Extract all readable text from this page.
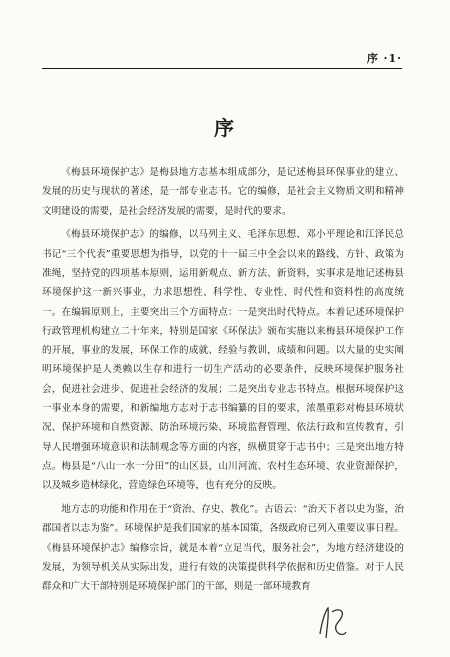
序 ·1·
序

《梅县环境保护志》是梅县地方志基本组成部分，是记述梅县环保事业的建立、发展的历史与现状的著述，是一部专业志书。它的编修，是社会主义物质文明和精神文明建设的需要，是社会经济发展的需要，是时代的要求。

《梅县环境保护志》的编修，以马列主义、毛泽东思想、邓小平理论和江泽民总书记“三个代表”重要思想为指导，以党的十一届三中全会以来的路线、方针、政策为准绳，坚持党的四项基本原则，运用新观点、新方法、新资料，实事求是地记述梅县环境保护这一新兴事业，力求思想性、科学性、专业性、时代性和资料性的高度统一。在编辑原则上，主要突出三个方面特点：一是突出时代特点。本着记述环境保护行政管理机构建立二十年来，特别是国家《环保法》颁布实施以来梅县环境保护工作的开展，事业的发展，环保工作的成就、经验与教训，成绩和问题。以大量的史实阐明环境保护是人类赖以生存和进行一切生产活动的必要条件，反映环境保护服务社会，促进社会进步、促进社会经济的发展；二是突出专业志书特点。根据环境保护这一事业本身的需要，和新编地方志对于志书编纂的目的要求，浓墨重彩对梅县环境状况、保护环境和自然资源、防治环境污染、环境监督管理、依法行政和宣传教育，引导人民增强环境意识和法制观念等方面的内容，纵横贯穿于志书中；三是突出地方特点。梅县是“八山一水一分田”的山区县，山川河流、农村生态环境、农业资源保护，以及城乡造林绿化，营造绿色环境等，也有充分的反映。

地方志的功能和作用在于“资治、存史、教化”。古语云：“治天下者以史为鉴，治郡国者以志为鉴”。环境保护是我们国家的基本国策，各级政府已列入重要议事日程。《梅县环境保护志》编修宗旨，就是本着“立足当代，服务社会”，为地方经济建设的发展，为领导机关从实际出发，进行有效的决策提供科学依据和历史借鉴。对于人民群众和广大干部特别是环境保护部门的干部，则是一部环境教育
